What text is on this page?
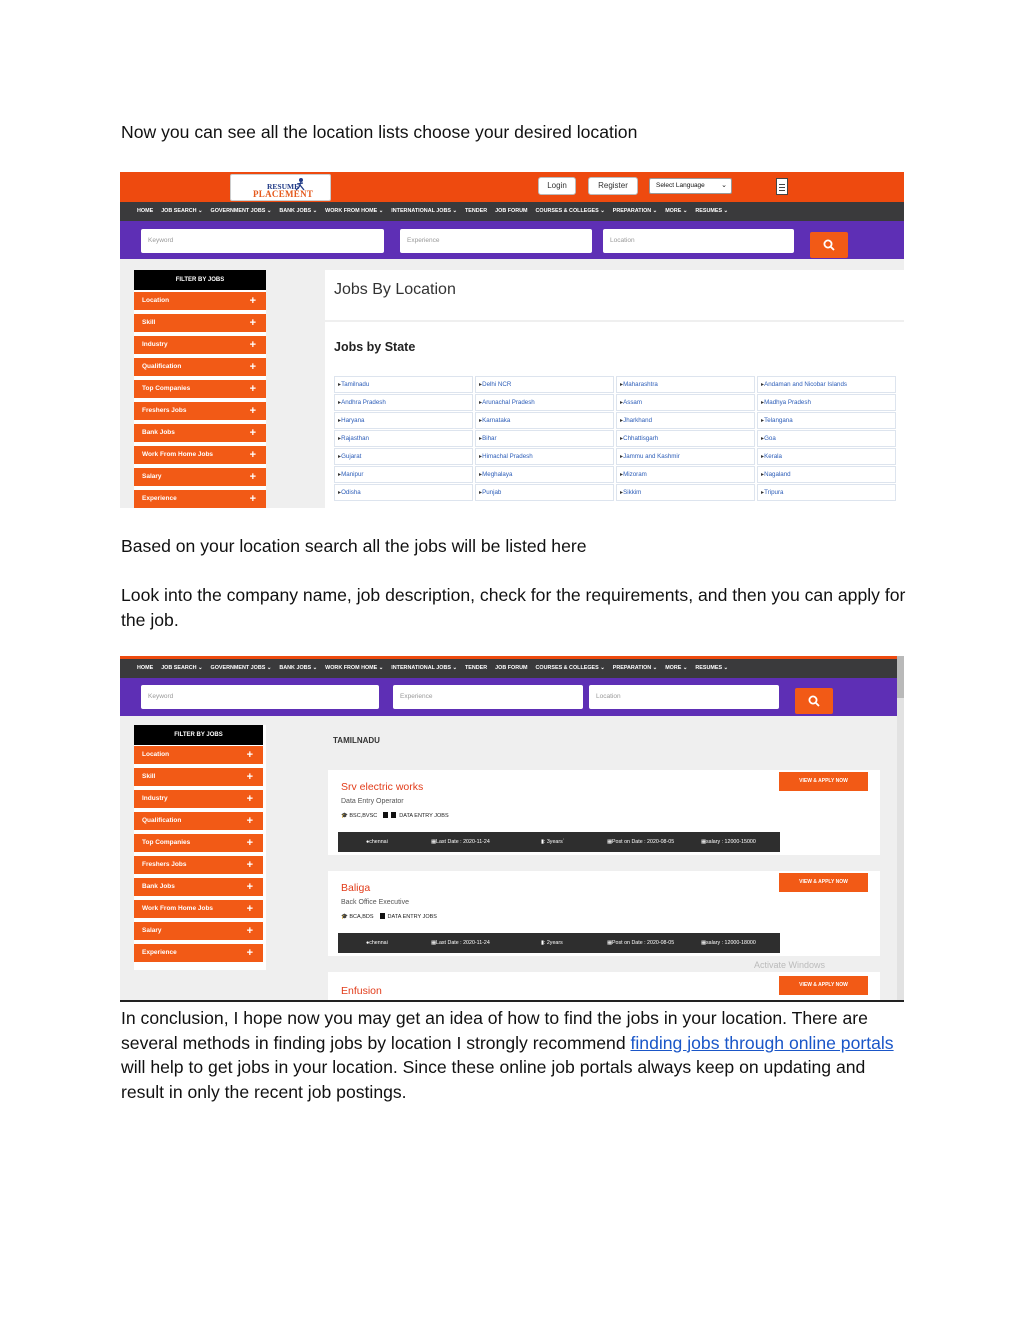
Now you can see all the location lists choose your desired location

RESUME
PLACEMENT
Login	Register	Select Language ⌄
HOME JOB SEARCH ⌄ GOVERNMENT JOBS ⌄ BANK JOBS ⌄ WORK FROM HOME ⌄ INTERNATIONAL JOBS ⌄ TENDER JOB FORUM COURSES & COLLEGES ⌄ PREPARATION ⌄ MORE ⌄ RESUMES ⌄
Keyword	Experience	Location
FILTER BY JOBS
Location	+
Skill	+
Industry	+
Qualification	+
Top Companies	+
Freshers Jobs	+
Bank Jobs	+
Work From Home Jobs	+
Salary	+
Experience	+
Jobs By Location
Jobs by State
▸ Tamilnadu	▸ Delhi NCR	▸ Maharashtra	▸ Andaman and Nicobar Islands
▸ Andhra Pradesh	▸ Arunachal Pradesh	▸ Assam	▸ Madhya Pradesh
▸ Haryana	▸ Karnataka	▸ Jharkhand	▸ Telangana
▸ Rajasthan	▸ Bihar	▸ Chhattisgarh	▸ Goa
▸ Gujarat	▸ Himachal Pradesh	▸ Jammu and Kashmir	▸ Kerala
▸ Manipur	▸ Meghalaya	▸ Mizoram	▸ Nagaland
▸ Odisha	▸ Punjab	▸ Sikkim	▸ Tripura

Based on your location search all the jobs will be listed here

Look into the company name, job description, check for the requirements, and then you can apply for the job.

HOME JOB SEARCH ⌄ GOVERNMENT JOBS ⌄ BANK JOBS ⌄ WORK FROM HOME ⌄ INTERNATIONAL JOBS ⌄ TENDER JOB FORUM COURSES & COLLEGES ⌄ PREPARATION ⌄ MORE ⌄ RESUMES ⌄
Keyword	Experience	Location
FILTER BY JOBS
Location	+
Skill	+
Industry	+
Qualification	+
Top Companies	+
Freshers Jobs	+
Bank Jobs	+
Work From Home Jobs	+
Salary	+
Experience	+
TAMILNADU
Srv electric works
Data Entry Operator
🎓 BSC,BVSC	DATA ENTRY JOBS
VIEW & APPLY NOW
● chennai	▦ Last Date : 2020-11-24	▮ : 3years`	▦ Post on Date : 2020-08-05	▦ salary : 12000-15000
Baliga
Back Office Executive
🎓 BCA,BDS	DATA ENTRY JOBS
VIEW & APPLY NOW
● chennai	▦ Last Date : 2020-11-24	▮ : 2years	▦ Post on Date : 2020-08-05	▦ salary : 12000-18000
Enfusion	VIEW & APPLY NOW
Activate Windows

In conclusion, I hope now you may get an idea of how to find the jobs in your location. There are several methods in finding jobs by location I strongly recommend finding jobs through online portals will help to get jobs in your location. Since these online job portals always keep on updating and result in only the recent job postings.
